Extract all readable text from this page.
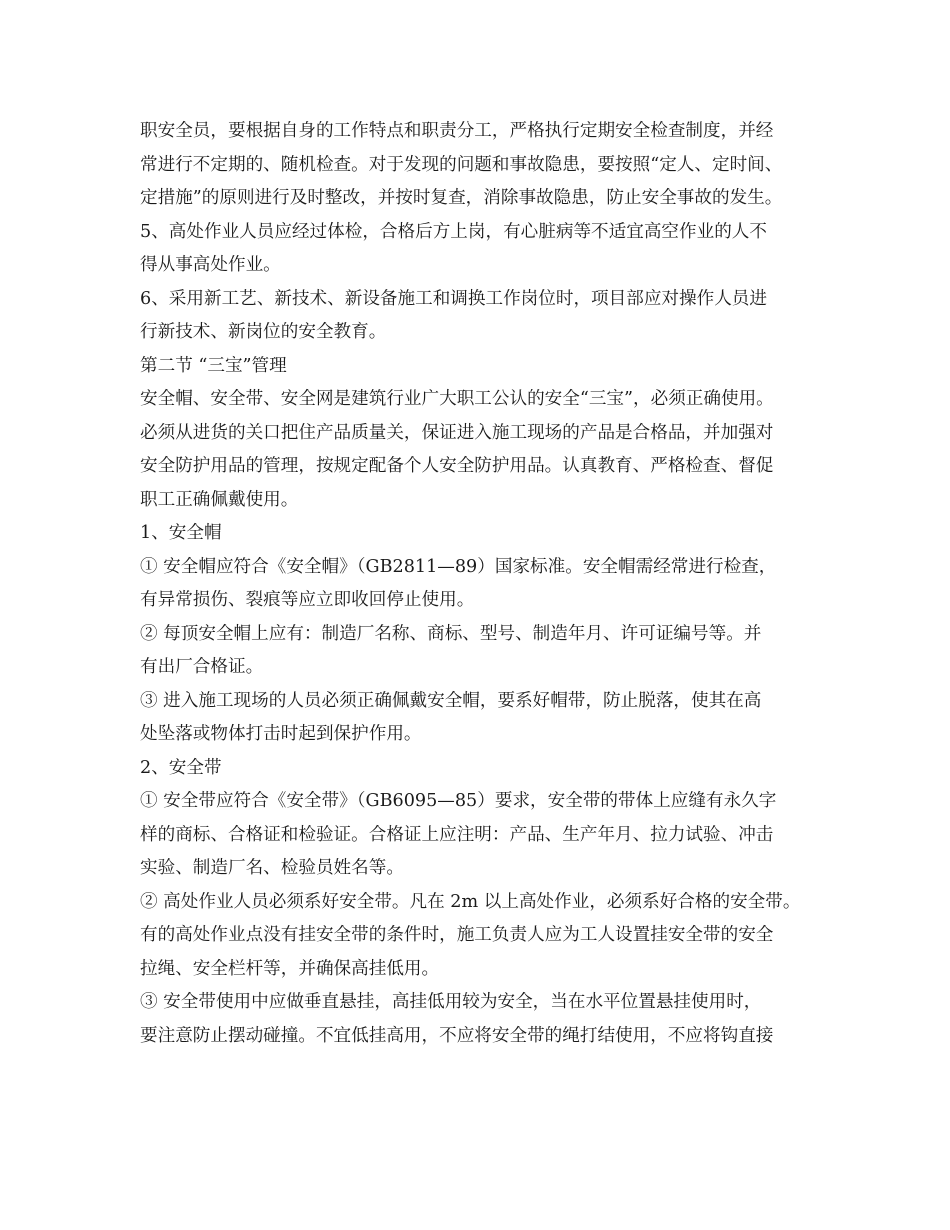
职安全员，要根据自身的工作特点和职责分工，严格执行定期安全检查制度，并经

常进行不定期的、随机检查。对于发现的问题和事故隐患，要按照“定人、定时间、

定措施”的原则进行及时整改，并按时复查，消除事故隐患，防止安全事故的发生。

5、高处作业人员应经过体检，合格后方上岗，有心脏病等不适宜高空作业的人不

得从事高处作业。

6、采用新工艺、新技术、新设备施工和调换工作岗位时，项目部应对操作人员进

行新技术、新岗位的安全教育。

第二节 “三宝”管理

安全帽、安全带、安全网是建筑行业广大职工公认的安全“三宝”，必须正确使用。

必须从进货的关口把住产品质量关，保证进入施工现场的产品是合格品，并加强对

安全防护用品的管理，按规定配备个人安全防护用品。认真教育、严格检查、督促

职工正确佩戴使用。

1、安全帽

① 安全帽应符合《安全帽》（GB2811—89）国家标准。安全帽需经常进行检查，

有异常损伤、裂痕等应立即收回停止使用。

② 每顶安全帽上应有：制造厂名称、商标、型号、制造年月、许可证编号等。并

有出厂合格证。

③ 进入施工现场的人员必须正确佩戴安全帽，要系好帽带，防止脱落，使其在高

处坠落或物体打击时起到保护作用。

2、安全带

① 安全带应符合《安全带》（GB6095—85）要求，安全带的带体上应缝有永久字

样的商标、合格证和检验证。合格证上应注明：产品、生产年月、拉力试验、冲击

实验、制造厂名、检验员姓名等。

② 高处作业人员必须系好安全带。凡在 2m 以上高处作业，必须系好合格的安全带。

有的高处作业点没有挂安全带的条件时，施工负责人应为工人设置挂安全带的安全

拉绳、安全栏杆等，并确保高挂低用。

③ 安全带使用中应做垂直悬挂，高挂低用较为安全，当在水平位置悬挂使用时，

要注意防止摆动碰撞。不宜低挂高用，不应将安全带的绳打结使用，不应将钩直接
